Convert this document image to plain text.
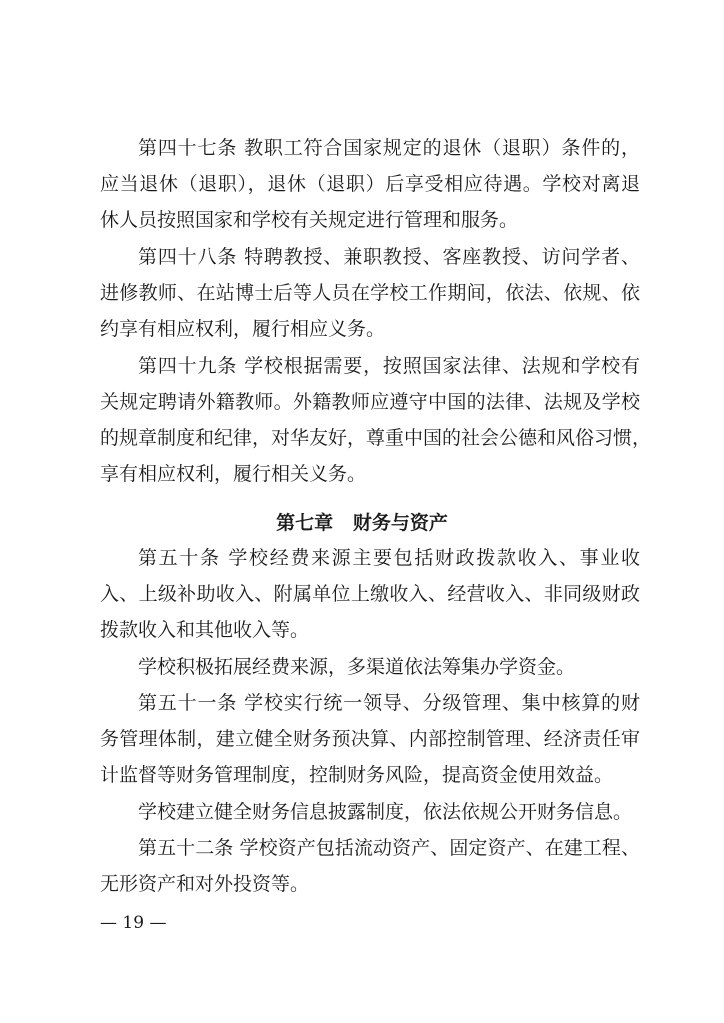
第四十七条 教职工符合国家规定的退休（退职）条件的，
应当退休（退职），退休（退职）后享受相应待遇。学校对离退
休人员按照国家和学校有关规定进行管理和服务。
第四十八条 特聘教授、兼职教授、客座教授、访问学者、
进修教师、在站博士后等人员在学校工作期间，依法、依规、依
约享有相应权利，履行相应义务。
第四十九条 学校根据需要，按照国家法律、法规和学校有
关规定聘请外籍教师。外籍教师应遵守中国的法律、法规及学校
的规章制度和纪律，对华友好，尊重中国的社会公德和风俗习惯，
享有相应权利，履行相关义务。
第七章   财务与资产
第五十条 学校经费来源主要包括财政拨款收入、事业收
入、上级补助收入、附属单位上缴收入、经营收入、非同级财政
拨款收入和其他收入等。
学校积极拓展经费来源，多渠道依法筹集办学资金。
第五十一条 学校实行统一领导、分级管理、集中核算的财
务管理体制，建立健全财务预决算、内部控制管理、经济责任审
计监督等财务管理制度，控制财务风险，提高资金使用效益。
学校建立健全财务信息披露制度，依法依规公开财务信息。
第五十二条 学校资产包括流动资产、固定资产、在建工程、
无形资产和对外投资等。
— 19 —
